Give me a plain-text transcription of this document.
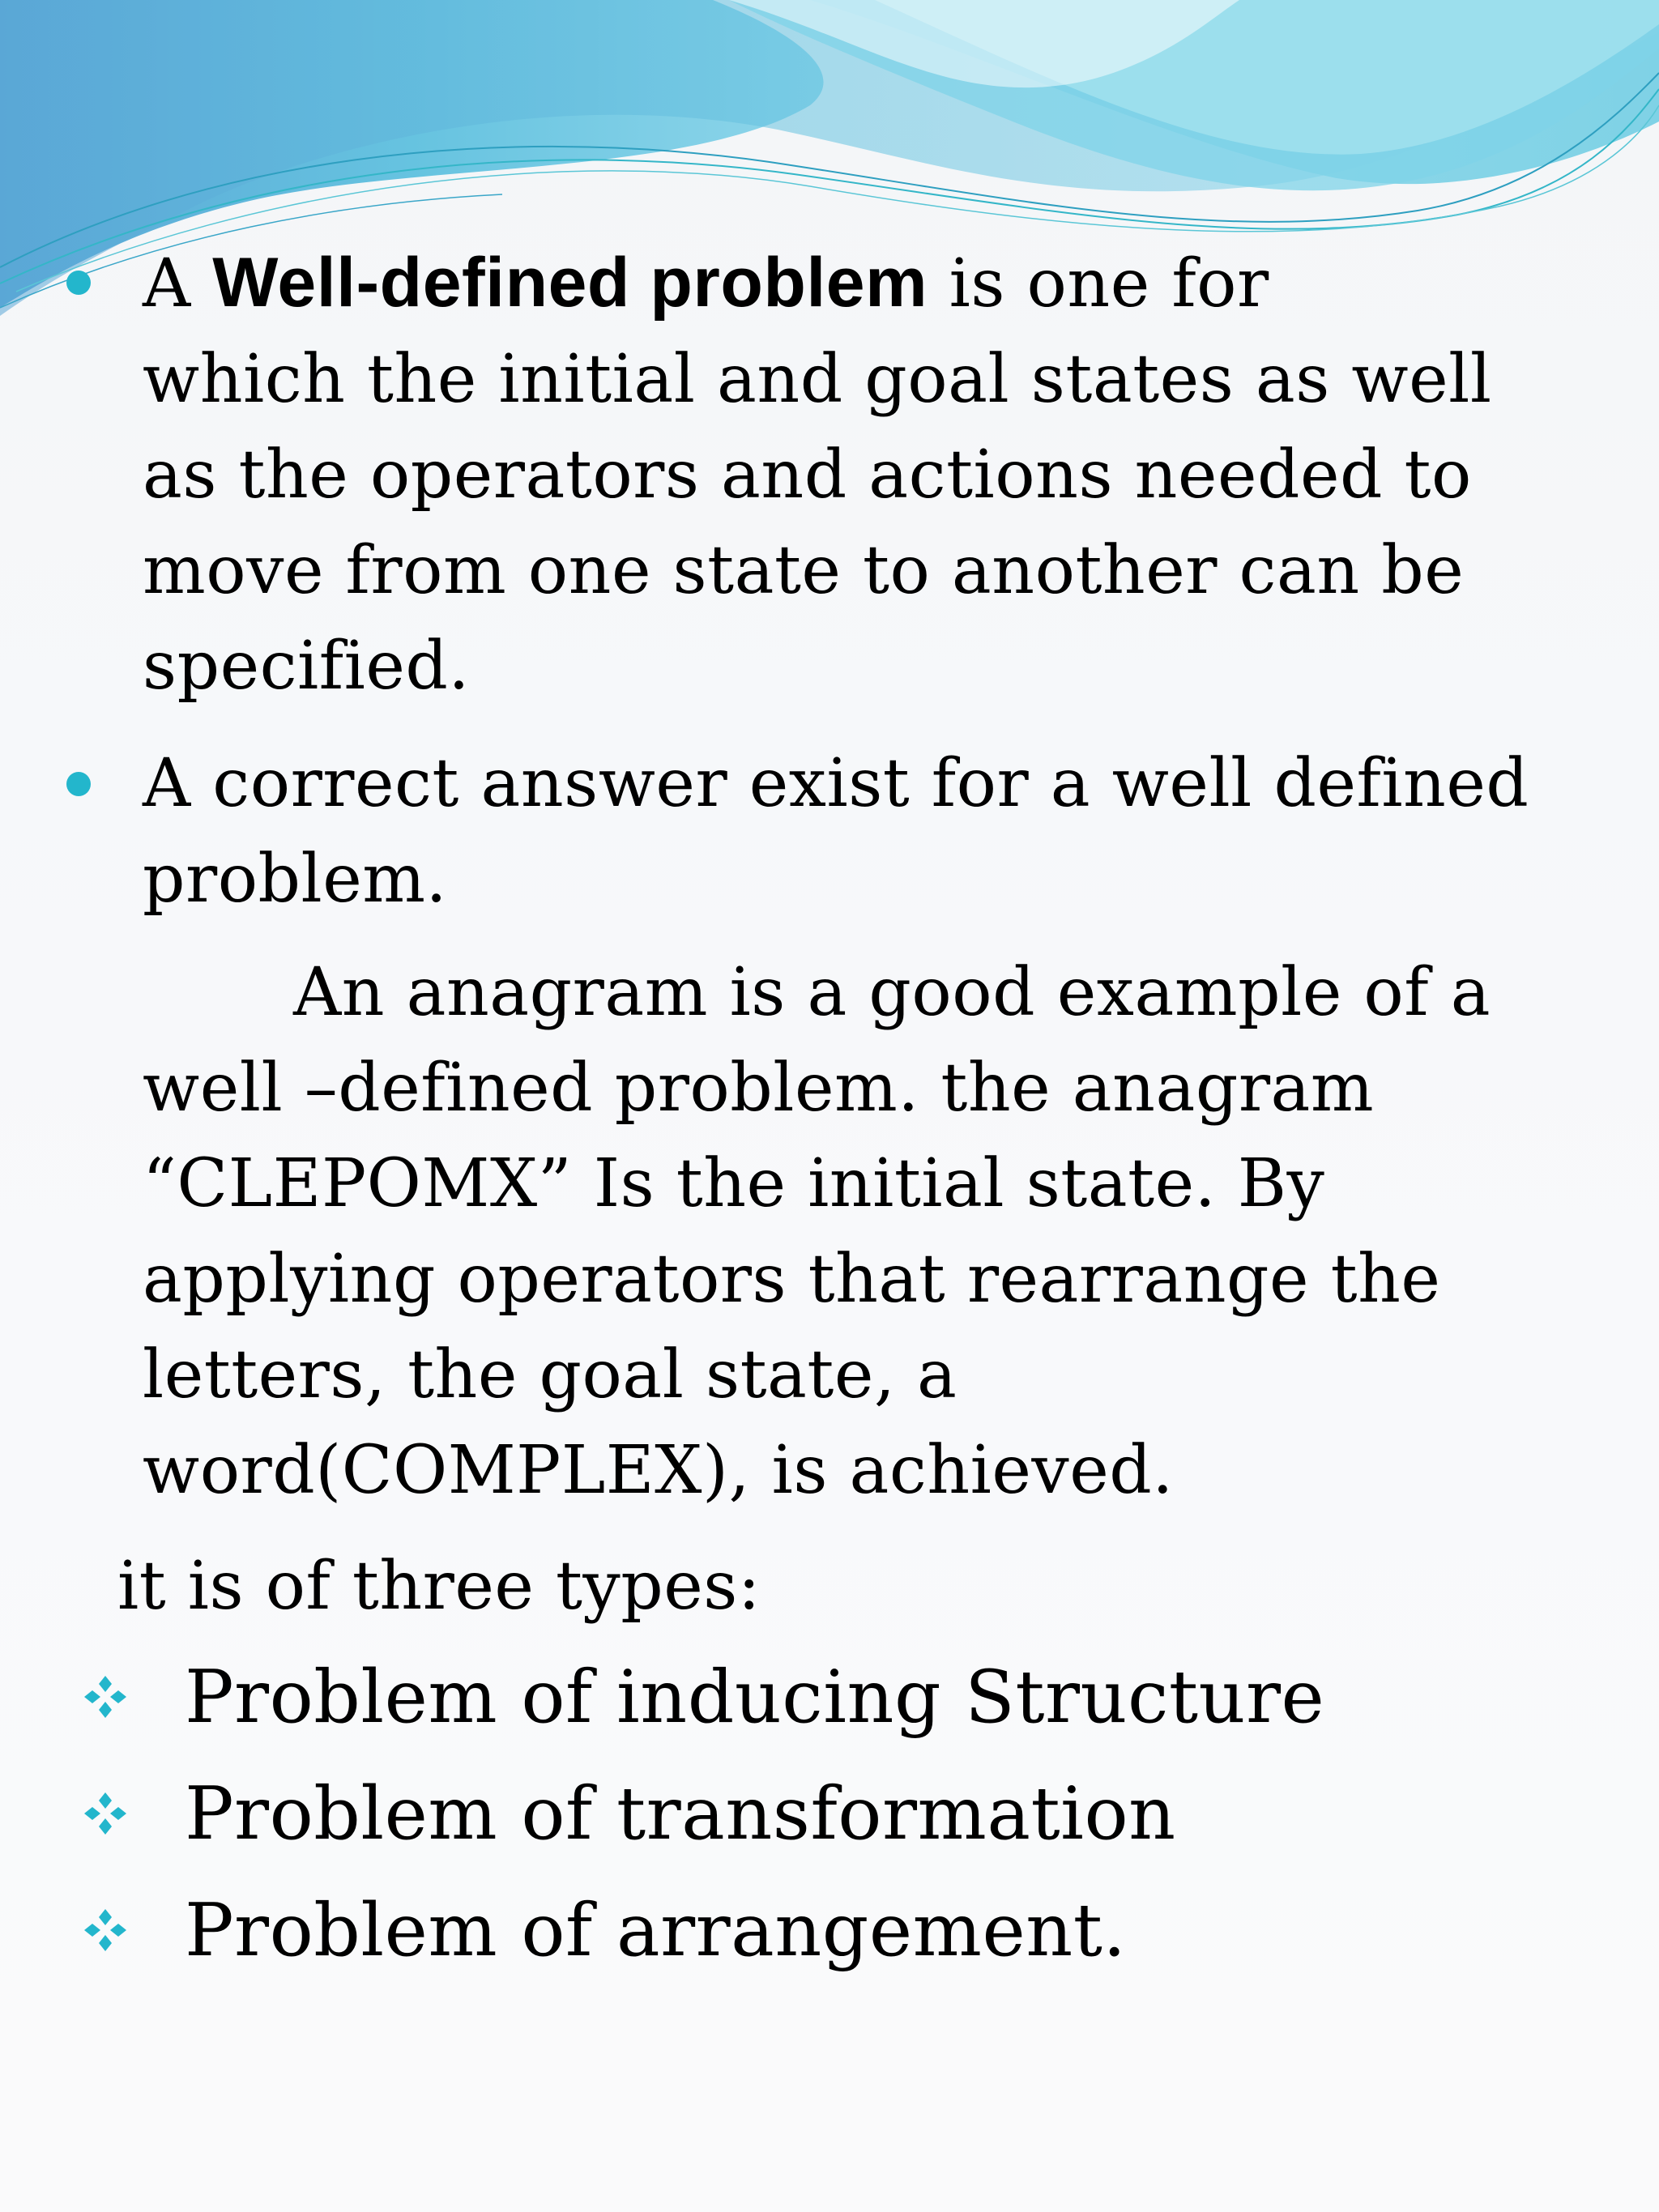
A Well-defined problem is one for
which the initial and goal states as well
as the operators and actions needed to
move from one state to another can be
specified.
A correct answer exist for a well defined
problem.
An anagram is a good example of a
well –defined problem. the anagram
“CLEPOMX” Is the initial state. By
applying operators that rearrange the
letters, the goal state, a
word(COMPLEX), is achieved.
it is of three types:
Problem of inducing Structure
Problem of transformation
Problem of arrangement.
